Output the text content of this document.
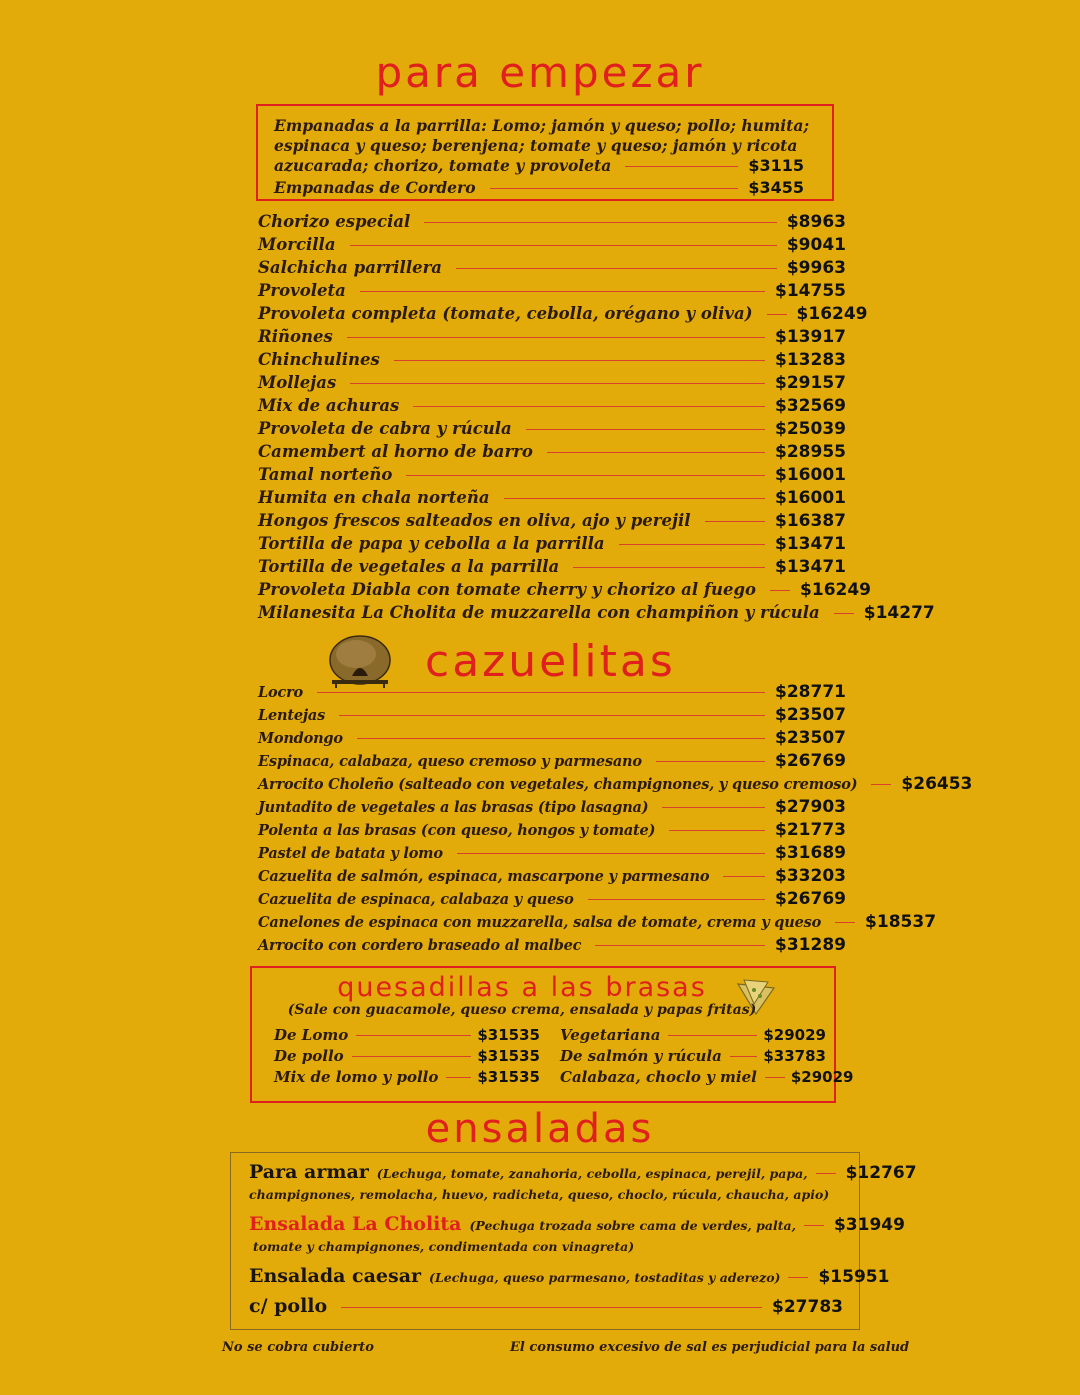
para empezar
Empanadas a la parrilla: Lomo; jamón y queso; pollo; humita;
espinaca y queso; berenjena; tomate y queso; jamón y ricota
azucarada; chorizo, tomate y provoleta	$3115
Empanadas de Cordero	$3455
Chorizo especial	$8963
Morcilla	$9041
Salchicha parrillera	$9963
Provoleta	$14755
Provoleta completa (tomate, cebolla, orégano y oliva)	$16249
Riñones	$13917
Chinchulines	$13283
Mollejas	$29157
Mix de achuras	$32569
Provoleta de cabra y rúcula	$25039
Camembert al horno de barro	$28955
Tamal norteño	$16001
Humita en chala norteña	$16001
Hongos frescos salteados en oliva, ajo y perejil	$16387
Tortilla de papa y cebolla a la parrilla	$13471
Tortilla de vegetales a la parrilla	$13471
Provoleta Diabla con tomate cherry y chorizo al fuego	$16249
Milanesita La Cholita de muzzarella con champiñon y rúcula	$14277
cazuelitas
Locro	$28771
Lentejas	$23507
Mondongo	$23507
Espinaca, calabaza, queso cremoso y parmesano	$26769
Arrocito Choleño (salteado con vegetales, champignones, y queso cremoso)	$26453
Juntadito de vegetales a las brasas (tipo lasagna)	$27903
Polenta a las brasas (con queso, hongos y tomate)	$21773
Pastel de batata y lomo	$31689
Cazuelita de salmón, espinaca, mascarpone y parmesano	$33203
Cazuelita de espinaca, calabaza y queso	$26769
Canelones de espinaca con muzzarella, salsa de tomate, crema y queso	$18537
Arrocito con cordero braseado al malbec	$31289
quesadillas a las brasas
(Sale con guacamole, queso crema, ensalada y papas fritas)
De Lomo	$31535
De pollo	$31535
Mix de lomo y pollo	$31535
Vegetariana	$29029
De salmón y rúcula	$33783
Calabaza, choclo y miel $29029
ensaladas
Para armar (Lechuga, tomate, zanahoria, cebolla, espinaca, perejil, papa, $12767
champignones, remolacha, huevo, radicheta, queso, choclo, rúcula, chaucha, apio)
Ensalada La Cholita (Pechuga trozada sobre cama de verdes, palta, $31949
tomate y champignones, condimentada con vinagreta)
Ensalada caesar (Lechuga, queso parmesano, tostaditas y aderezo) $15951
c/ pollo	$27783
No se cobra cubierto	El consumo excesivo de sal es perjudicial para la salud
